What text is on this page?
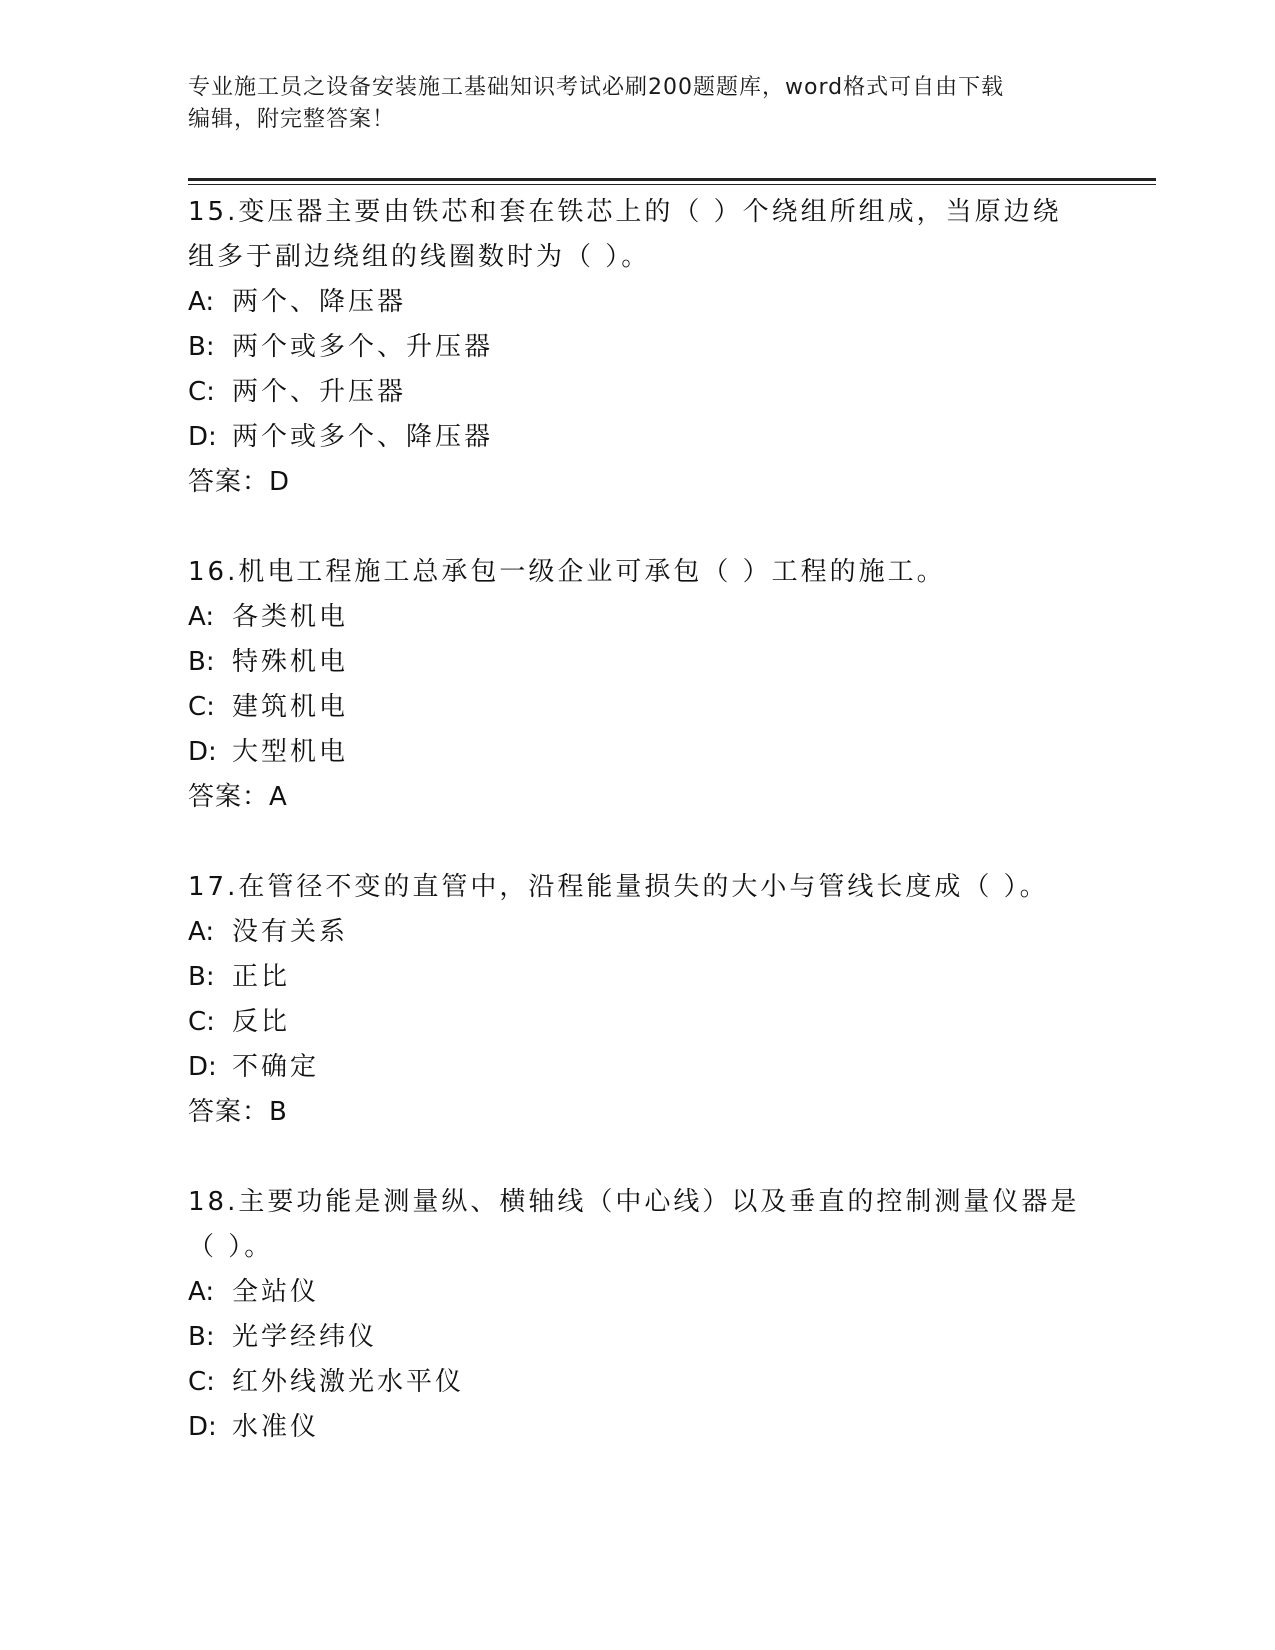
专业施工员之设备安装施工基础知识考试必刷200题题库，word格式可自由下载
编辑，附完整答案！
15.变压器主要由铁芯和套在铁芯上的（ ）个绕组所组成，当原边绕组多于副边绕组的线圈数时为（ ）。
A: 两个、降压器
B: 两个或多个、升压器
C: 两个、升压器
D: 两个或多个、降压器
答案：D
16.机电工程施工总承包一级企业可承包（ ）工程的施工。
A: 各类机电
B: 特殊机电
C: 建筑机电
D: 大型机电
答案：A
17.在管径不变的直管中，沿程能量损失的大小与管线长度成（ ）。
A: 没有关系
B: 正比
C: 反比
D: 不确定
答案：B
18.主要功能是测量纵、横轴线（中心线）以及垂直的控制测量仪器是（ ）。
A: 全站仪
B: 光学经纬仪
C: 红外线激光水平仪
D: 水准仪
